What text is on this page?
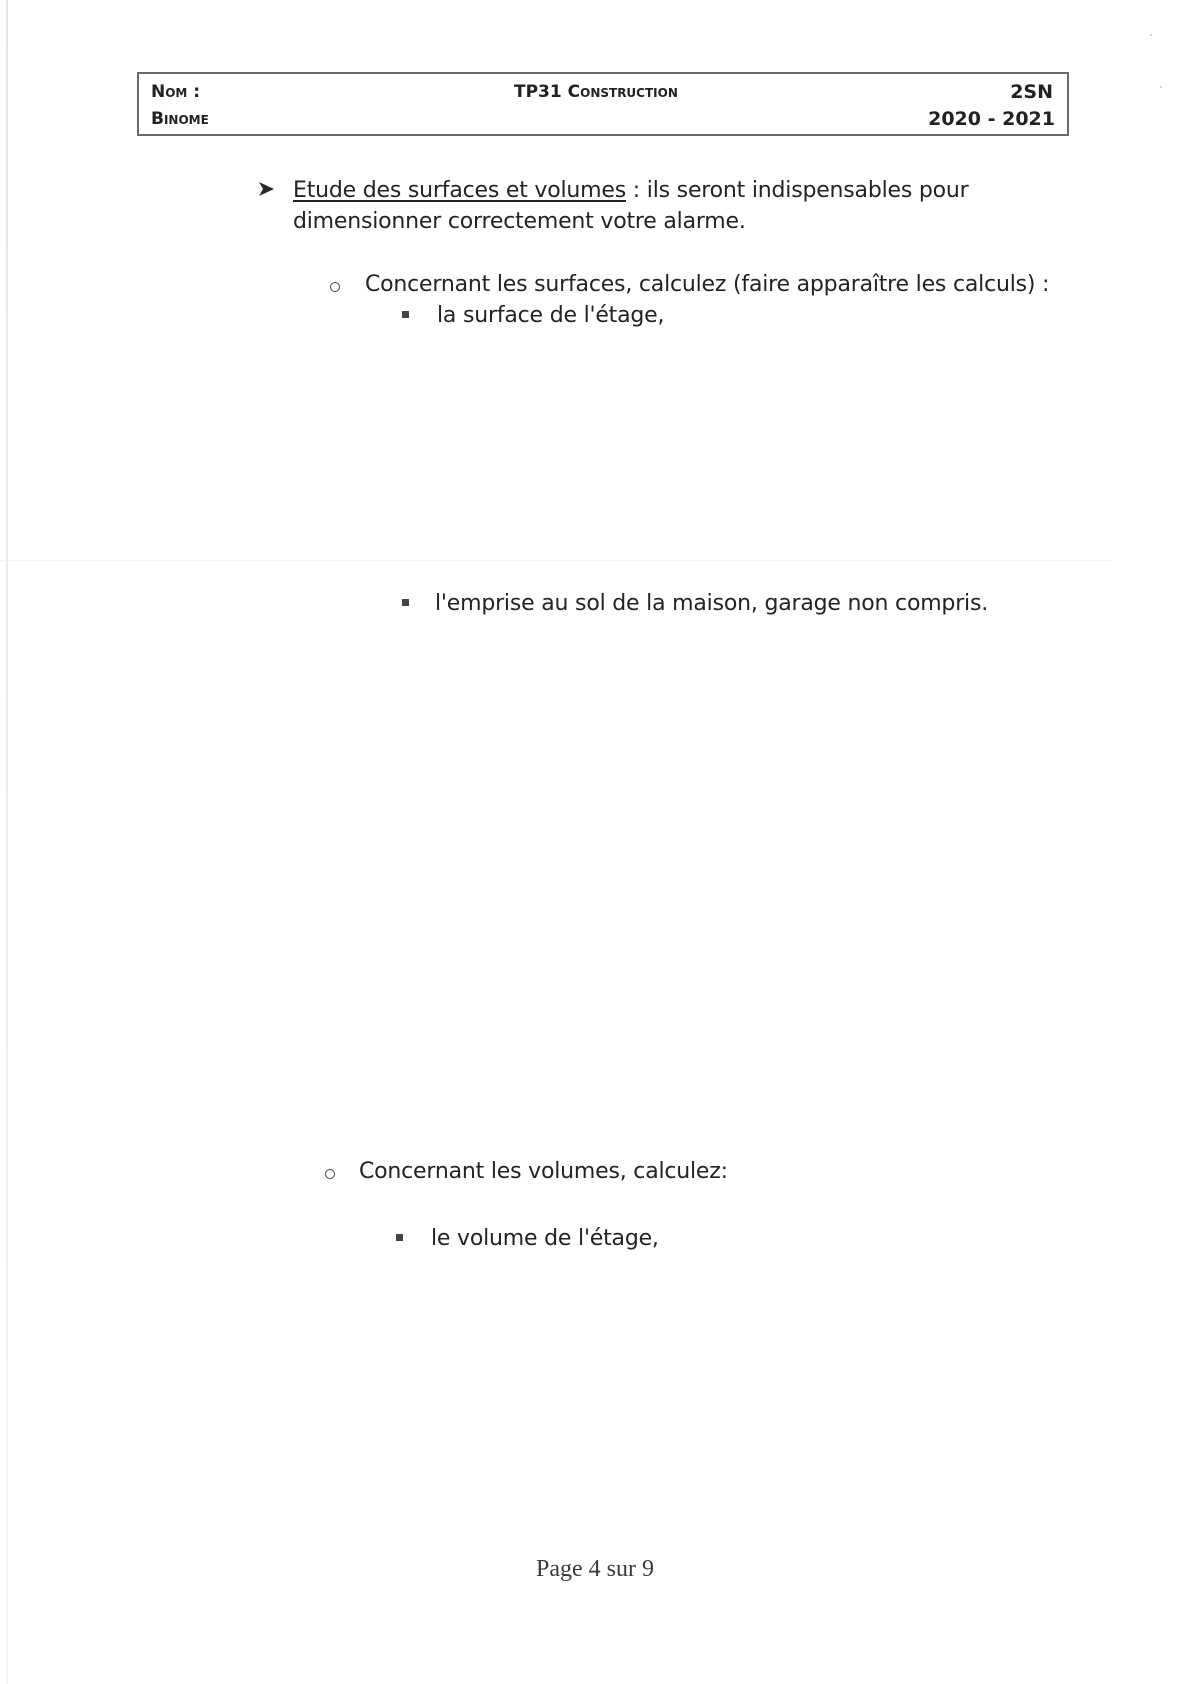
Nom :
Binome
TP31 Construction	2SN
2020 - 2021
Etude des surfaces et volumes : ils seront indispensables pour
dimensionner correctement votre alarme.
Concernant les surfaces, calculez (faire apparaître les calculs) :
la surface de l'étage,
l'emprise au sol de la maison, garage non compris.
Concernant les volumes, calculez:
le volume de l'étage,
Page 4 sur 9
